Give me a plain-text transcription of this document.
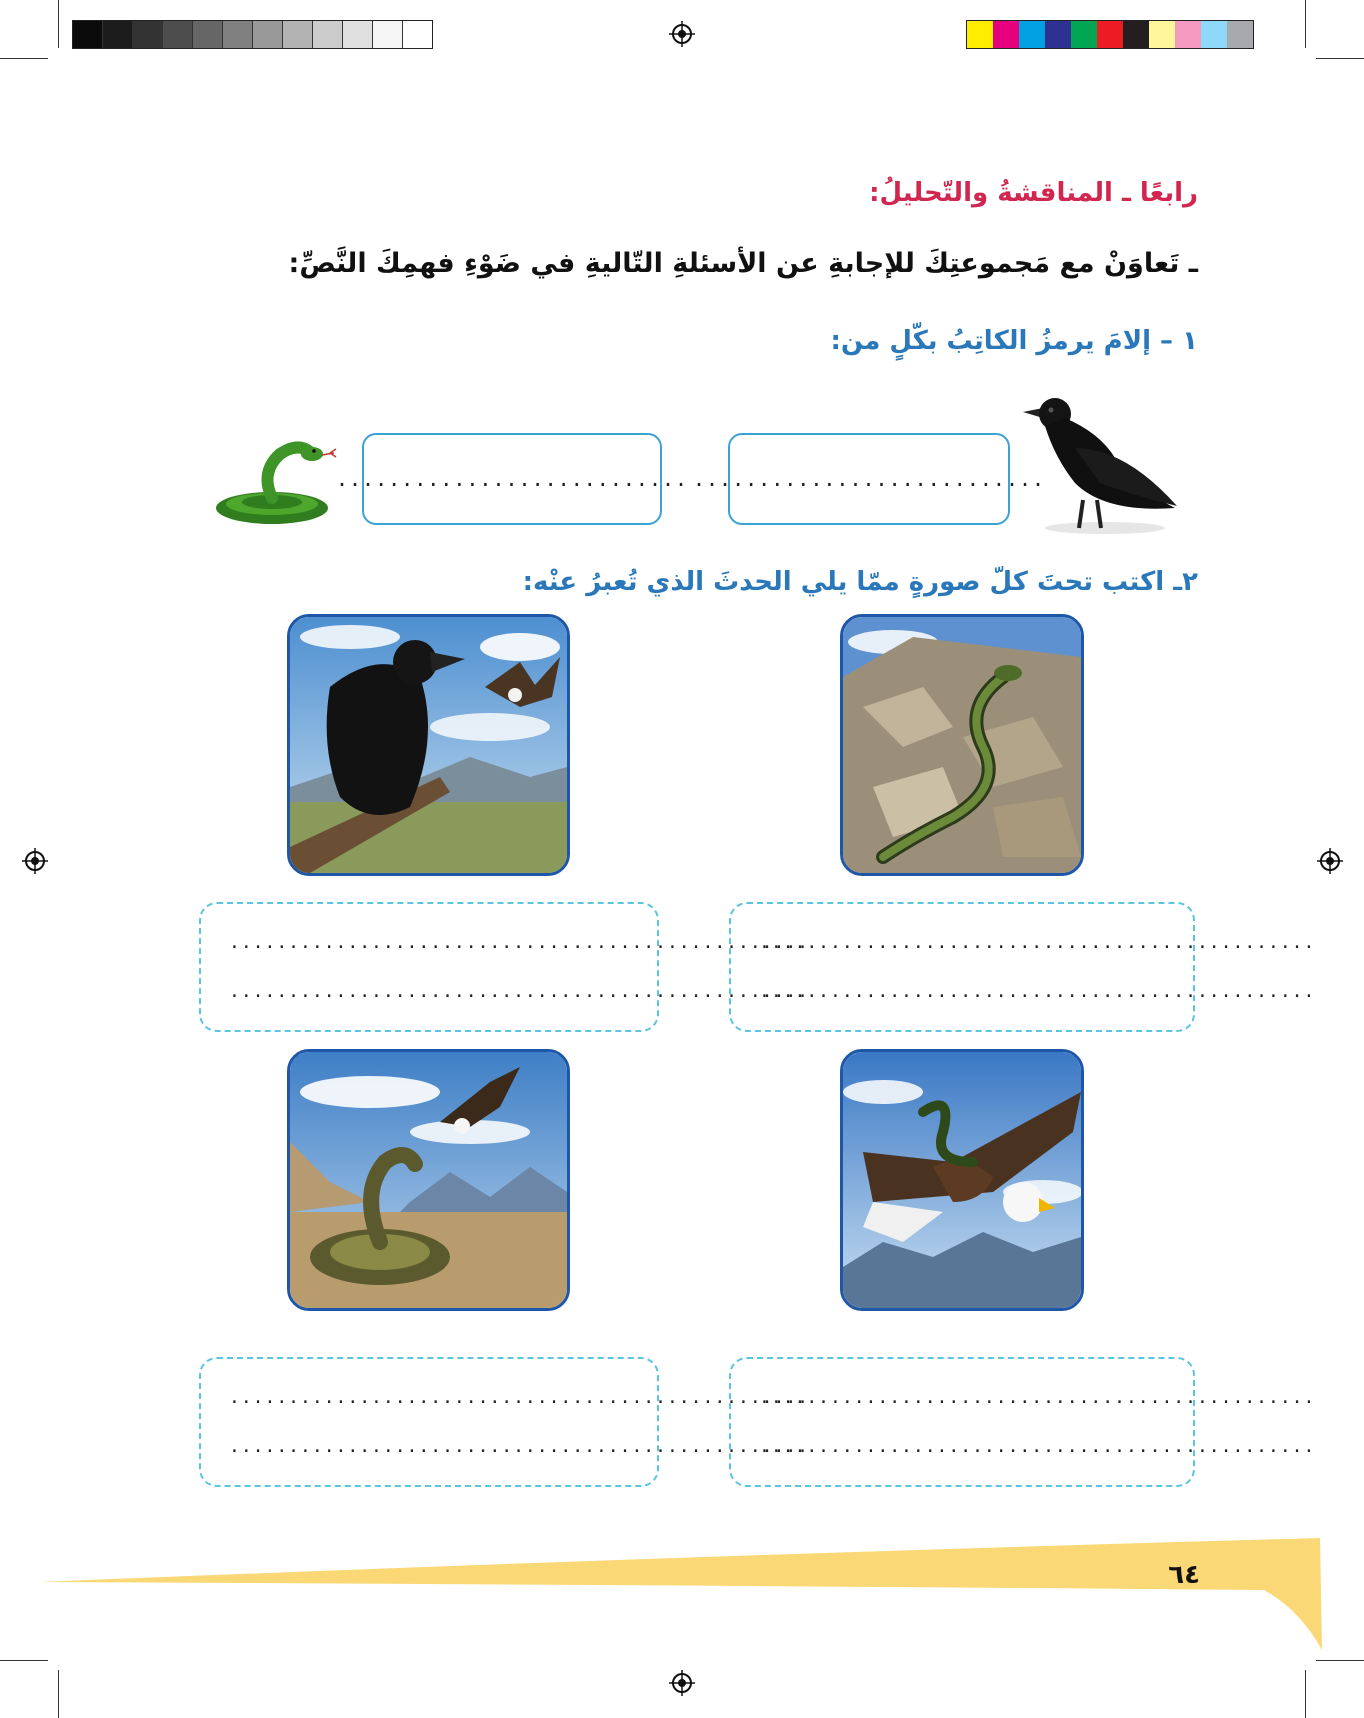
رابعًا ـ المناقشةُ والتّحليلُ:
ـ تَعاوَنْ مع مَجموعتِكَ للإجابةِ عن الأسئلةِ التّاليةِ في ضَوْءِ فهمِكَ النَّصِّ:
١ – إلامَ يرمزُ الكاتِبُ بكّلٍ من:
...........................
...........................
٢ـ اكتب تحتَ كلّ صورةٍ ممّا يلي الحدثَ الذي تُعبرُ عنْه:
.................................................
.................................................
...............................................
...............................................
.................................................
.................................................
...............................................
...............................................
٦٤
